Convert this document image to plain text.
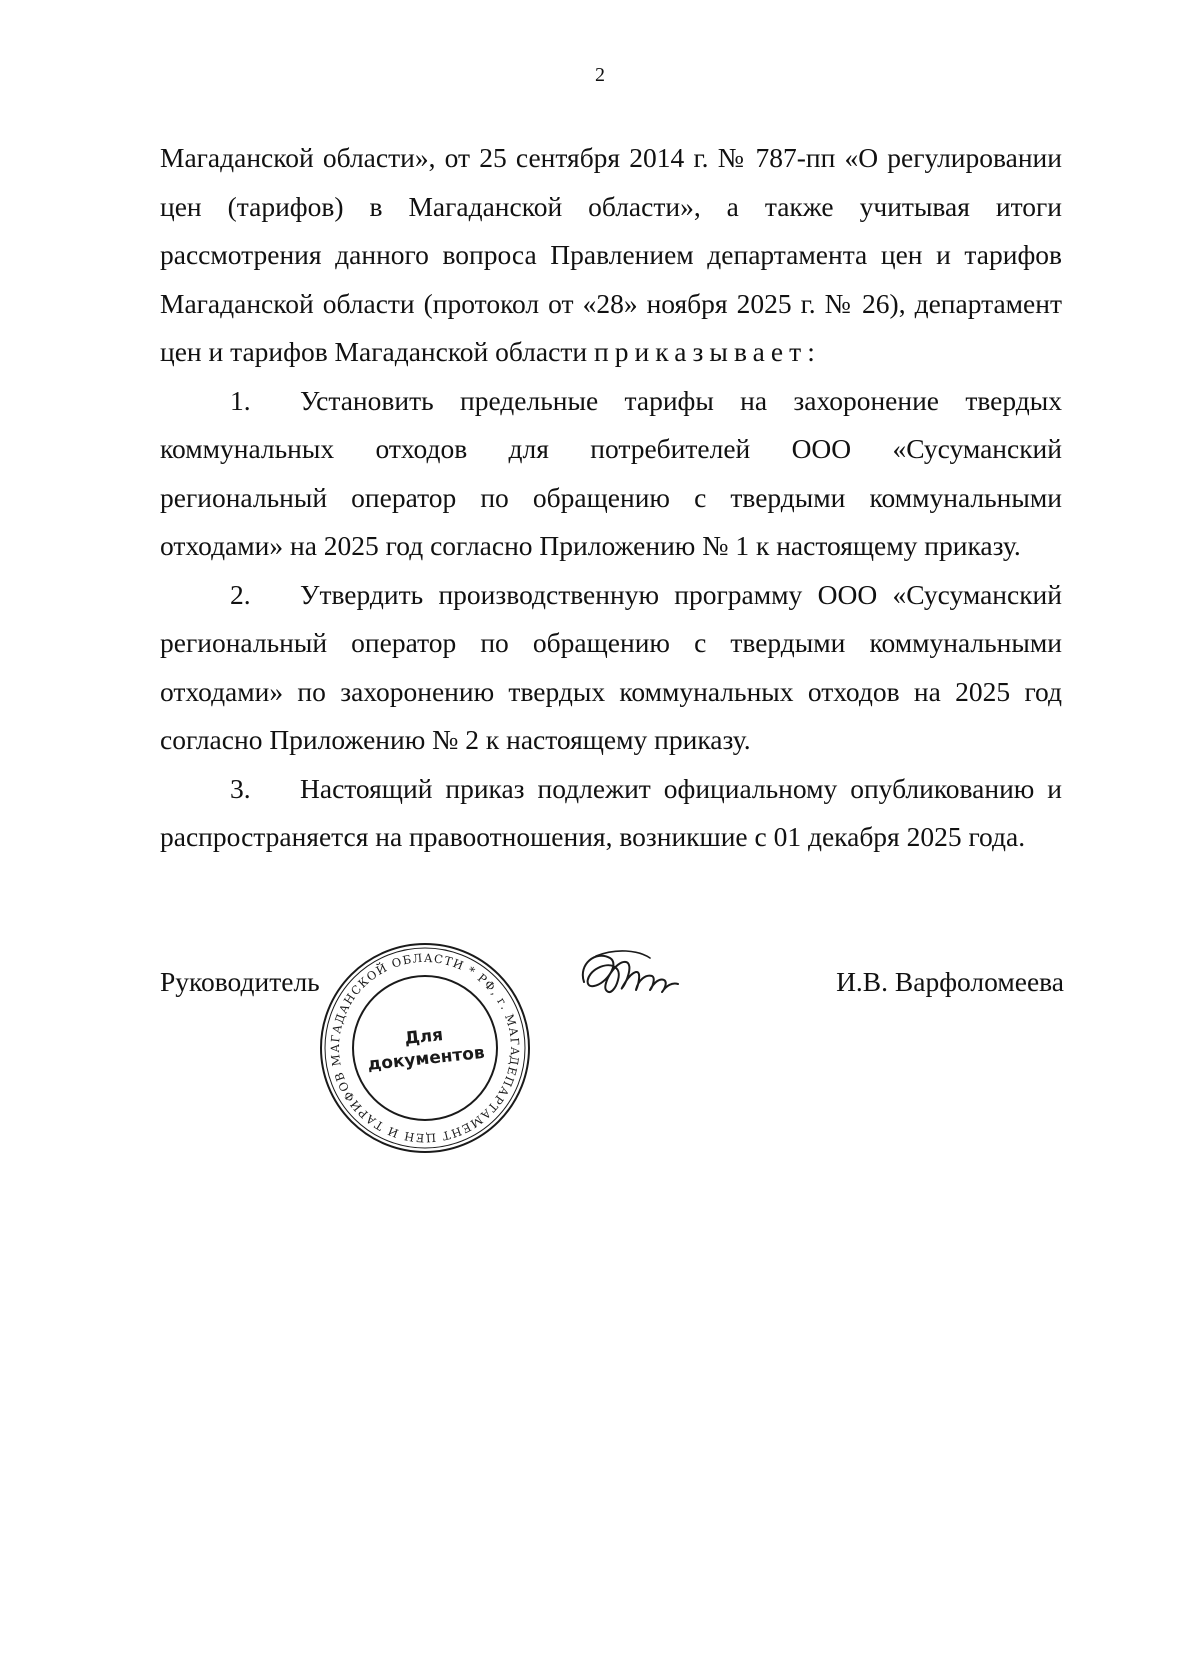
2

Магаданской области», от 25 сентября 2014 г. № 787-пп «О регулировании цен (тарифов) в Магаданской области», а также учитывая итоги рассмотрения данного вопроса Правлением департамента цен и тарифов Магаданской области (протокол от «28» ноября 2025 г. № 26), департамент цен и тарифов Магаданской области приказывает:

1. Установить предельные тарифы на захоронение твердых коммунальных отходов для потребителей ООО «Сусуманский региональный оператор по обращению с твердыми коммунальными отходами» на 2025 год согласно Приложению № 1 к настоящему приказу.

2. Утвердить производственную программу ООО «Сусуманский региональный оператор по обращению с твердыми коммунальными отходами» по захоронению твердых коммунальных отходов на 2025 год согласно Приложению № 2 к настоящему приказу.

3. Настоящий приказ подлежит официальному опубликованию и распространяется на правоотношения, возникшие с 01 декабря 2025 года.

Руководитель
ДЕПАРТАМЕНТ ЦЕН И ТАРИФОВ МАГАДАНСКОЙ ОБЛАСТИ * РФ, г. МАГАДАН
Для
документов
И.В. Варфоломеева
